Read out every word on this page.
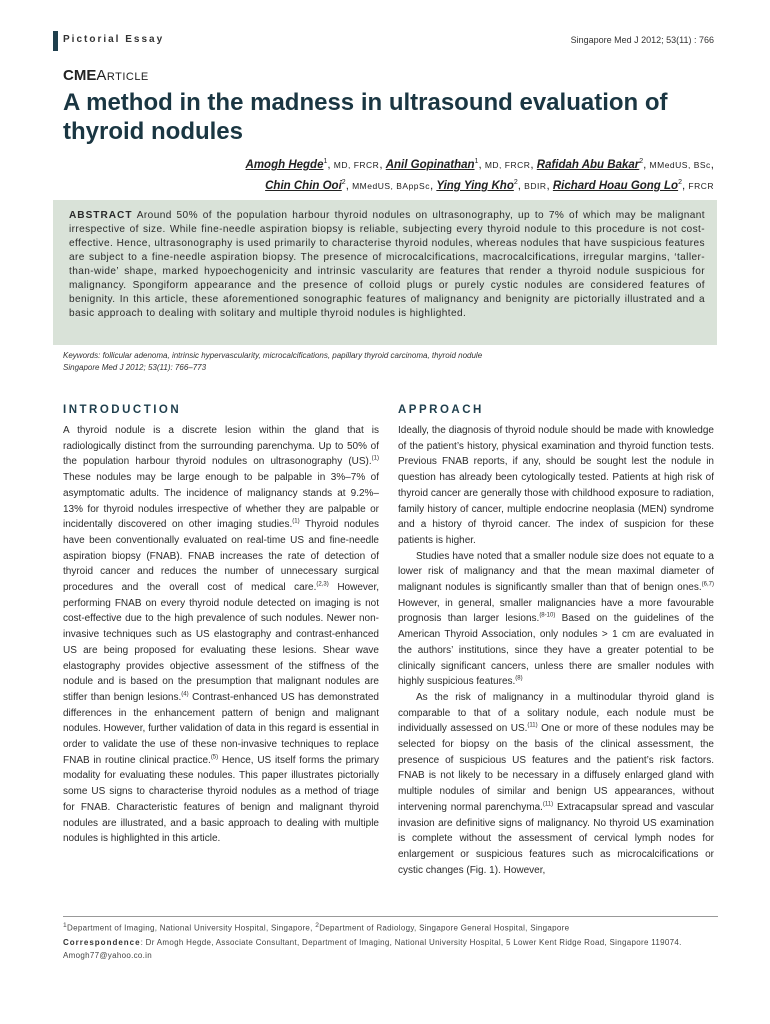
Pictorial Essay	Singapore Med J 2012; 53(11) : 766
CMEArticle
A method in the madness in ultrasound evaluation of thyroid nodules
Amogh Hegde$^1$, MD, FRCR, Anil Gopinathan$^1$, MD, FRCR, Rafidah Abu Bakar$^2$, MMedUS, BSc,
Chin Chin Ooi$^2$, MMedUS, BAppSc, Ying Ying Kho$^2$, BDIR, Richard Hoau Gong Lo$^2$, FRCR
ABSTRACT Around 50% of the population harbour thyroid nodules on ultrasonography, up to 7% of which may be malignant irrespective of size. While fine-needle aspiration biopsy is reliable, subjecting every thyroid nodule to this procedure is not cost-effective. Hence, ultrasonography is used primarily to characterise thyroid nodules, whereas nodules that have suspicious features are subject to a fine-needle aspiration biopsy. The presence of microcalcifications, macrocalcifications, irregular margins, ‘taller-than-wide’ shape, marked hypoechogenicity and intrinsic vascularity are features that render a thyroid nodule suspicious for malignancy. Spongiform appearance and the presence of colloid plugs or purely cystic nodules are considered features of benignity. In this article, these aforementioned sonographic features of malignancy and benignity are pictorially illustrated and a basic approach to dealing with solitary and multiple thyroid nodules is highlighted.
Keywords: follicular adenoma, intrinsic hypervascularity, microcalcifications, papillary thyroid carcinoma, thyroid nodule
Singapore Med J 2012; 53(11): 766–773
INTRODUCTION	APPROACH

A thyroid nodule is a discrete lesion within the gland that is radiologically distinct from the surrounding parenchyma. Up to 50% of the population harbour thyroid nodules on ultrasonography (US).$^{(1)}$ These nodules may be large enough to be palpable in 3%–7% of asymptomatic adults. The incidence of malignancy stands at 9.2%–13% for thyroid nodules irrespective of whether they are palpable or incidentally discovered on other imaging studies.$^{(1)}$ Thyroid nodules have been conventionally evaluated on real-time US and fine-needle aspiration biopsy (FNAB). FNAB increases the rate of detection of thyroid cancer and reduces the number of unnecessary surgical procedures and the overall cost of medical care.$^{(2,3)}$ However, performing FNAB on every thyroid nodule detected on imaging is not cost-effective due to the high prevalence of such nodules. Newer non-invasive techniques such as US elastography and contrast-enhanced US are being proposed for evaluating these lesions. Shear wave elastography provides objective assessment of the stiffness of the nodule and is based on the presumption that malignant nodules are stiffer than benign lesions.$^{(4)}$ Contrast-enhanced US has demonstrated differences in the enhancement pattern of benign and malignant nodules. However, further validation of data in this regard is essential in order to validate the use of these non-invasive techniques to replace FNAB in routine clinical practice.$^{(5)}$ Hence, US itself forms the primary modality for evaluating these nodules. This paper illustrates pictorially some US signs to characterise thyroid nodules as a method of triage for FNAB. Characteristic features of benign and malignant thyroid nodules are illustrated, and a basic approach to dealing with multiple nodules is highlighted in this article.

Ideally, the diagnosis of thyroid nodule should be made with knowledge of the patient’s history, physical examination and thyroid function tests. Previous FNAB reports, if any, should be sought lest the nodule in question has already been cytologically tested. Patients at high risk of thyroid cancer are generally those with childhood exposure to radiation, family history of cancer, multiple endocrine neoplasia (MEN) syndrome and a history of thyroid cancer. The index of suspicion for these patients is higher.

Studies have noted that a smaller nodule size does not equate to a lower risk of malignancy and that the mean maximal diameter of malignant nodules is significantly smaller than that of benign ones.$^{(6,7)}$ However, in general, smaller malignancies have a more favourable prognosis than larger lesions.$^{(8-10)}$ Based on the guidelines of the American Thyroid Association, only nodules > 1 cm are evaluated in the authors’ institutions, since they have a greater potential to be clinically significant cancers, unless there are smaller nodules with highly suspicious features.$^{(8)}$

As the risk of malignancy in a multinodular thyroid gland is comparable to that of a solitary nodule, each nodule must be individually assessed on US.$^{(11)}$ One or more of these nodules may be selected for biopsy on the basis of the clinical assessment, the presence of suspicious US features and the patient’s risk factors. FNAB is not likely to be necessary in a diffusely enlarged gland with multiple nodules of similar and benign US appearances, without intervening normal parenchyma.$^{(11)}$ Extracapsular spread and vascular invasion are definitive signs of malignancy. No thyroid US examination is complete without the assessment of cervical lymph nodes for enlargement or suspicious features such as microcalcifications or cystic changes (Fig. 1). However,

$^1$Department of Imaging, National University Hospital, Singapore, $^2$Department of Radiology, Singapore General Hospital, Singapore
Correspondence: Dr Amogh Hegde, Associate Consultant, Department of Imaging, National University Hospital, 5 Lower Kent Ridge Road, Singapore 119074.
Amogh77@yahoo.co.in
